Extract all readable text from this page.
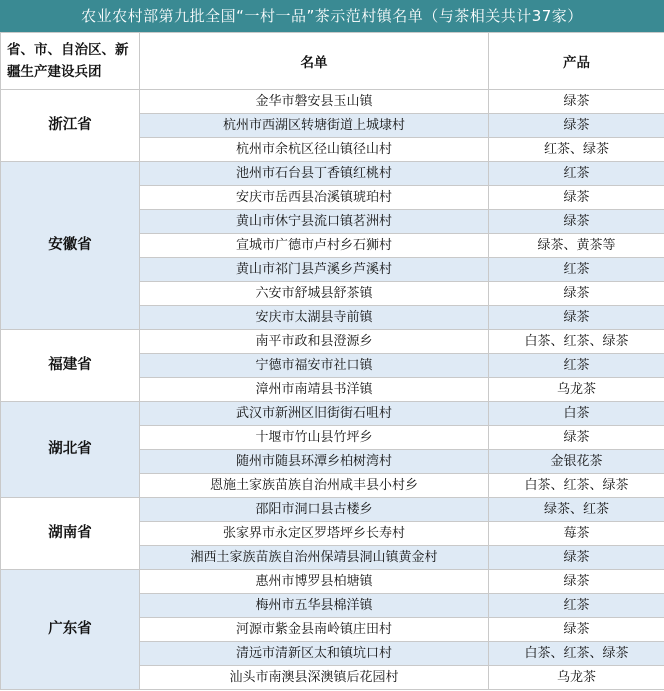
农业农村部第九批全国“一村一品”茶示范村镇名单（与茶相关共计37家）
省、市、自治区、新疆生产建设兵团	名单	产品
浙江省	金华市磐安县玉山镇	绿茶
	杭州市西湖区转塘街道上城埭村	绿茶
	杭州市余杭区径山镇径山村	红茶、绿茶
安徽省	池州市石台县丁香镇红桃村	红茶
	安庆市岳西县冶溪镇琥珀村	绿茶
	黄山市休宁县流口镇茗洲村	绿茶
	宣城市广德市卢村乡石狮村	绿茶、黄茶等
	黄山市祁门县芦溪乡芦溪村	红茶
	六安市舒城县舒茶镇	绿茶
	安庆市太湖县寺前镇	绿茶
福建省	南平市政和县澄源乡	白茶、红茶、绿茶
	宁德市福安市社口镇	红茶
	漳州市南靖县书洋镇	乌龙茶
湖北省	武汉市新洲区旧街街石咀村	白茶
	十堰市竹山县竹坪乡	绿茶
	随州市随县环潭乡柏树湾村	金银花茶
	恩施土家族苗族自治州咸丰县小村乡	白茶、红茶、绿茶
湖南省	邵阳市洞口县古楼乡	绿茶、红茶
	张家界市永定区罗塔坪乡长寿村	莓茶
	湘西土家族苗族自治州保靖县洞山镇黄金村	绿茶
广东省	惠州市博罗县柏塘镇	绿茶
	梅州市五华县棉洋镇	红茶
	河源市紫金县南岭镇庄田村	绿茶
	清远市清新区太和镇坑口村	白茶、红茶、绿茶
	汕头市南澳县深澳镇后花园村	乌龙茶
